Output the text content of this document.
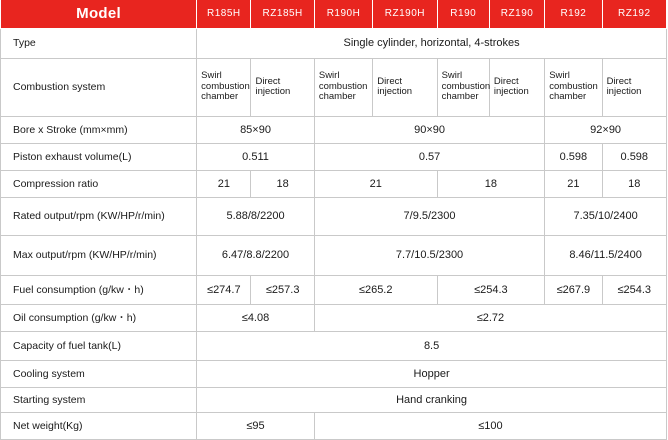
Model	R185H	RZ185H	R190H	RZ190H	R190	RZ190	R192	RZ192
Type	Single cylinder, horizontal, 4-strokes							
Combustion system	Swirl combustion chamber	Direct injection	Swirl combustion chamber	Direct injection	Swirl combustion chamber	Direct injection	Swirl combustion chamber	Direct injection
Bore x Stroke (mm×mm)	85×90		90×90				92×90	
Piston exhaust volume(L)	0.511		0.57				0.598	0.598
Compression ratio	21	18	21		18		21	18
Rated output/rpm (KW/HP/r/min)	5.88/8/2200		7/9.5/2300				7.35/10/2400	
Max output/rpm (KW/HP/r/min)	6.47/8.8/2200		7.7/10.5/2300				8.46/11.5/2400	
Fuel consumption (g/kw・h)	≤274.7	≤257.3	≤265.2		≤254.3		≤267.9	≤254.3
Oil consumption (g/kw・h)	≤4.08		≤2.72					
Capacity of fuel tank(L)	8.5							
Cooling system	Hopper							
Starting system	Hand cranking							
Net weight(Kg)	≤95		≤100					
